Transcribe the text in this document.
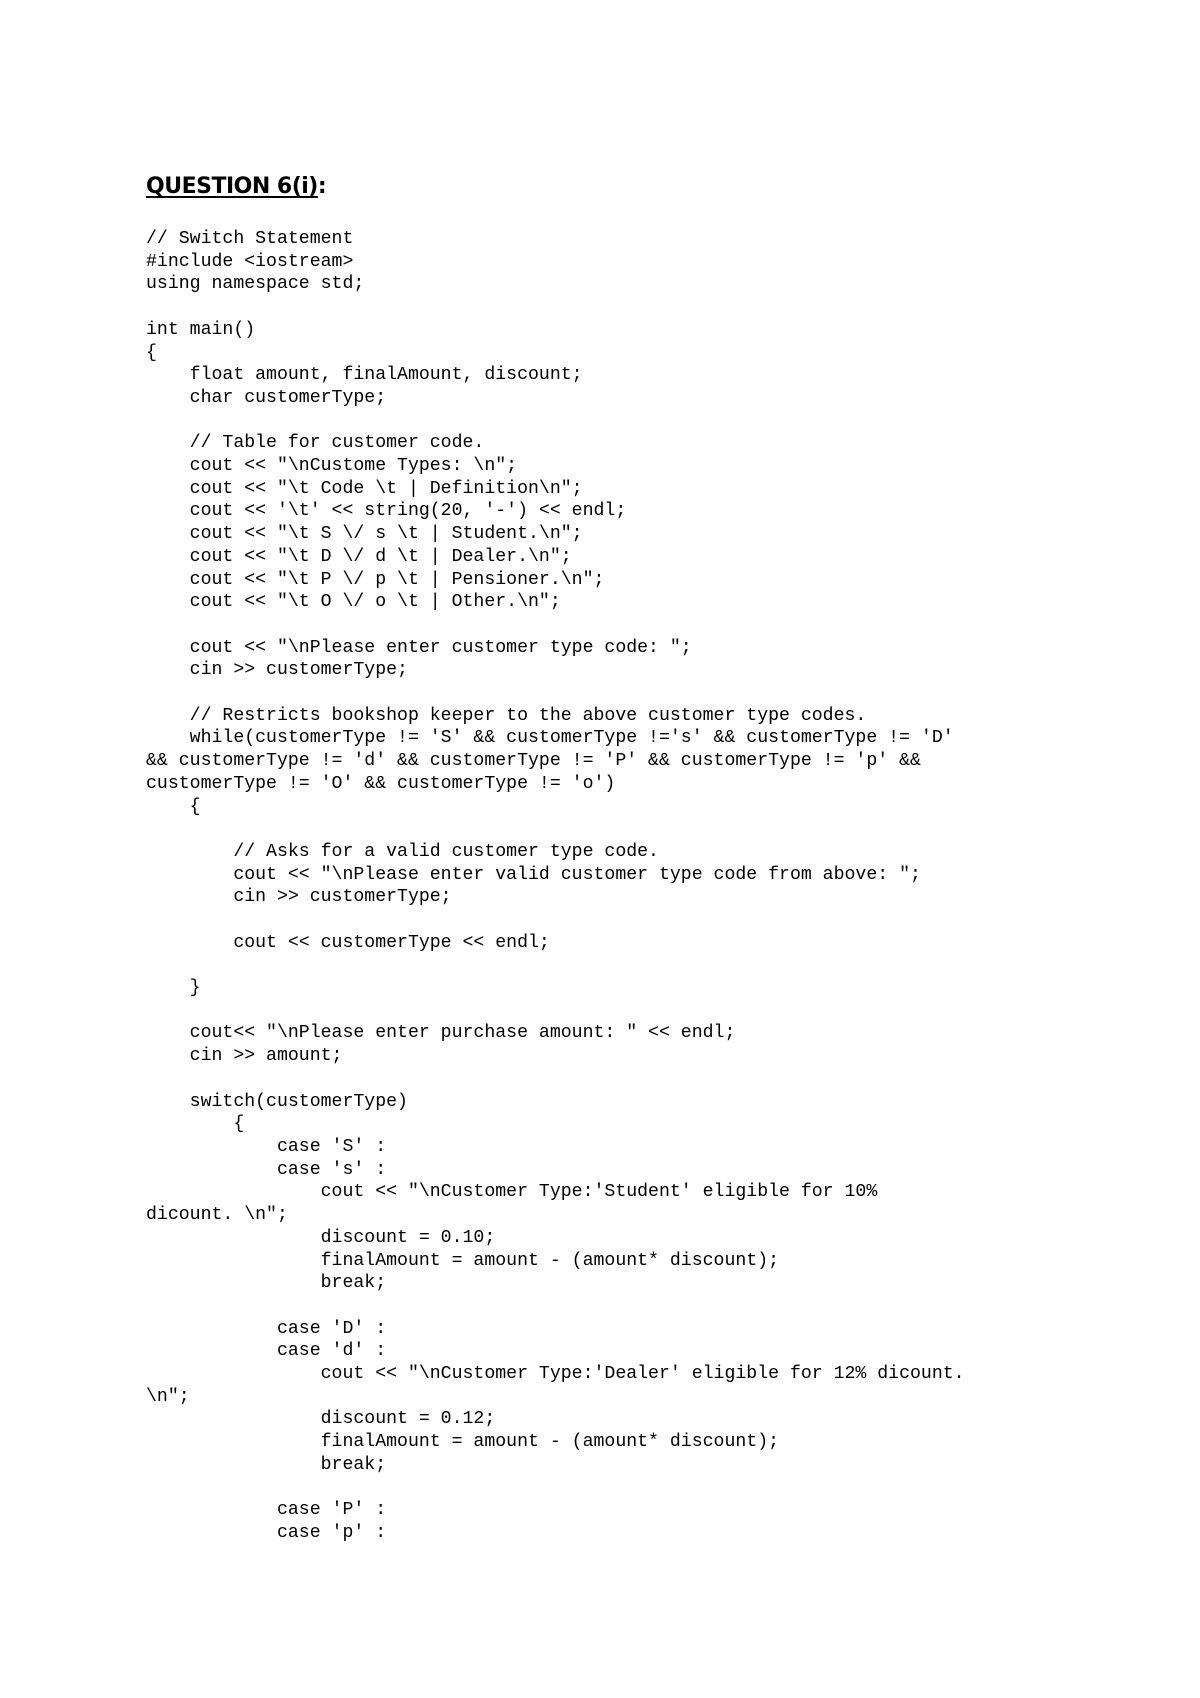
QUESTION 6(i):
// Switch Statement
#include <iostream>
using namespace std;
int main()
{
float amount, finalAmount, discount;
char customerType;
// Table for customer code.
cout << "\nCustome Types: \n";
cout << "\t Code \t | Definition\n";
cout << '\t' << string(20, '-') << endl;
cout << "\t S \/ s \t | Student.\n";
cout << "\t D \/ d \t | Dealer.\n";
cout << "\t P \/ p \t | Pensioner.\n";
cout << "\t O \/ o \t | Other.\n";
cout << "\nPlease enter customer type code: ";
cin >> customerType;
// Restricts bookshop keeper to the above customer type codes.
while(customerType != 'S' && customerType !='s' && customerType != 'D'
&& customerType != 'd' && customerType != 'P' && customerType != 'p' &&
customerType != 'O' && customerType != 'o')
{
// Asks for a valid customer type code.
cout << "\nPlease enter valid customer type code from above: ";
cin >> customerType;
cout << customerType << endl;
}
cout<< "\nPlease enter purchase amount: " << endl;
cin >> amount;
switch(customerType)
{
case 'S' :
case 's' :
cout << "\nCustomer Type:'Student' eligible for 10%
dicount. \n";
discount = 0.10;
finalAmount = amount - (amount* discount);
break;
case 'D' :
case 'd' :
cout << "\nCustomer Type:'Dealer' eligible for 12% dicount.
\n";
discount = 0.12;
finalAmount = amount - (amount* discount);
break;
case 'P' :
case 'p' :
